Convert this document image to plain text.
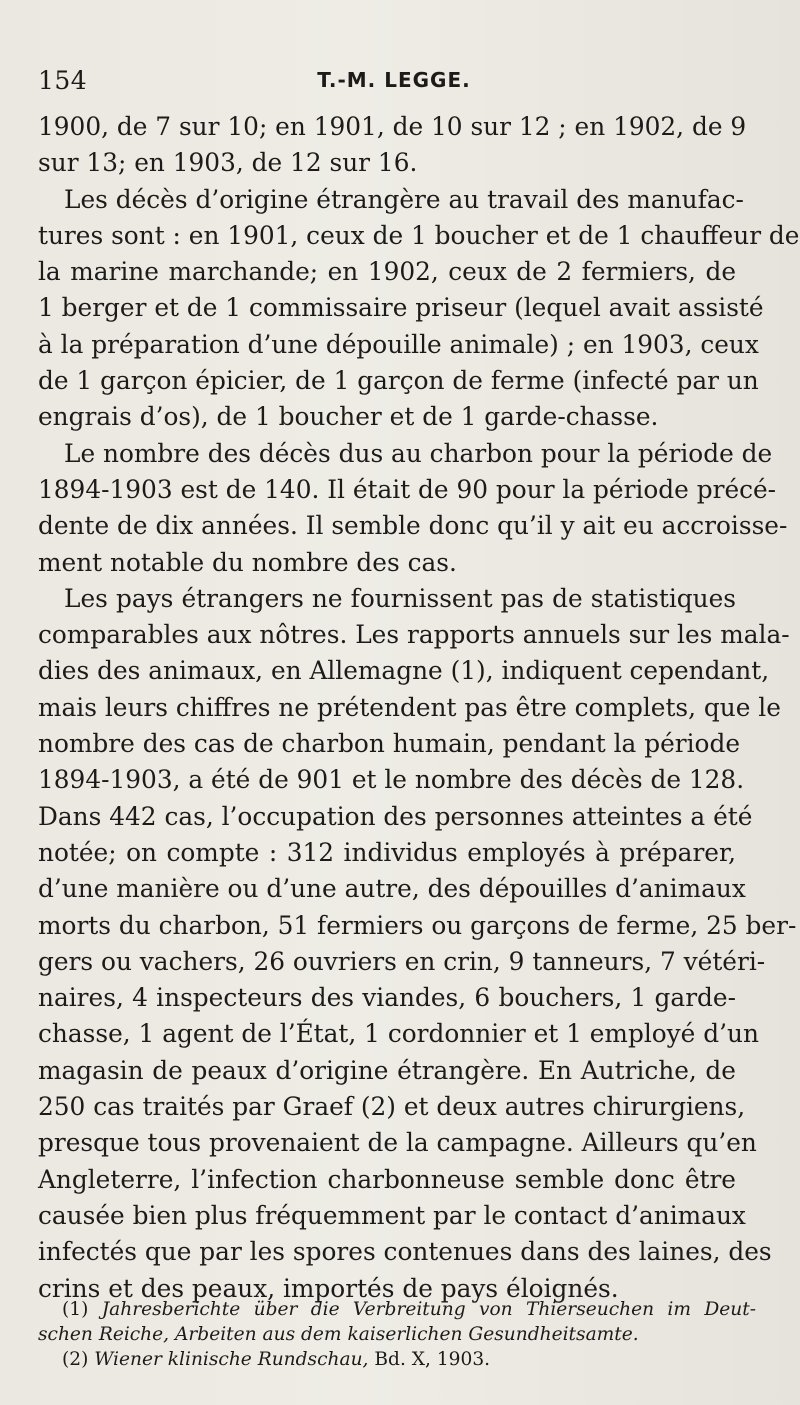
154	T.-M. LEGGE.
1900, de 7 sur 10; en 1901, de 10 sur 12 ; en 1902, de 9
sur 13; en 1903, de 12 sur 16.
Les décès d’origine étrangère au travail des manufac-
tures sont : en 1901, ceux de 1 boucher et de 1 chauffeur de
la marine marchande; en 1902, ceux de 2 fermiers, de
1 berger et de 1 commissaire priseur (lequel avait assisté
à la préparation d’une dépouille animale) ; en 1903, ceux
de 1 garçon épicier, de 1 garçon de ferme (infecté par un
engrais d’os), de 1 boucher et de 1 garde-chasse.
Le nombre des décès dus au charbon pour la période de
1894-1903 est de 140. Il était de 90 pour la période précé-
dente de dix années. Il semble donc qu’il y ait eu accroisse-
ment notable du nombre des cas.
Les pays étrangers ne fournissent pas de statistiques
comparables aux nôtres. Les rapports annuels sur les mala-
dies des animaux, en Allemagne (1), indiquent cependant,
mais leurs chiffres ne prétendent pas être complets, que le
nombre des cas de charbon humain, pendant la période
1894-1903, a été de 901 et le nombre des décès de 128.
Dans 442 cas, l’occupation des personnes atteintes a été
notée; on compte : 312 individus employés à préparer,
d’une manière ou d’une autre, des dépouilles d’animaux
morts du charbon, 51 fermiers ou garçons de ferme, 25 ber-
gers ou vachers, 26 ouvriers en crin, 9 tanneurs, 7 vétéri-
naires, 4 inspecteurs des viandes, 6 bouchers, 1 garde-
chasse, 1 agent de l’État, 1 cordonnier et 1 employé d’un
magasin de peaux d’origine étrangère. En Autriche, de
250 cas traités par Graef (2) et deux autres chirurgiens,
presque tous provenaient de la campagne. Ailleurs qu’en
Angleterre, l’infection charbonneuse semble donc être
causée bien plus fréquemment par le contact d’animaux
infectés que par les spores contenues dans des laines, des
crins et des peaux, importés de pays éloignés.
(1) Jahresberichte über die Verbreitung von Thierseuchen im Deut-
schen Reiche, Arbeiten aus dem kaiserlichen Gesundheitsamte.
(2) Wiener klinische Rundschau, Bd. X, 1903.
